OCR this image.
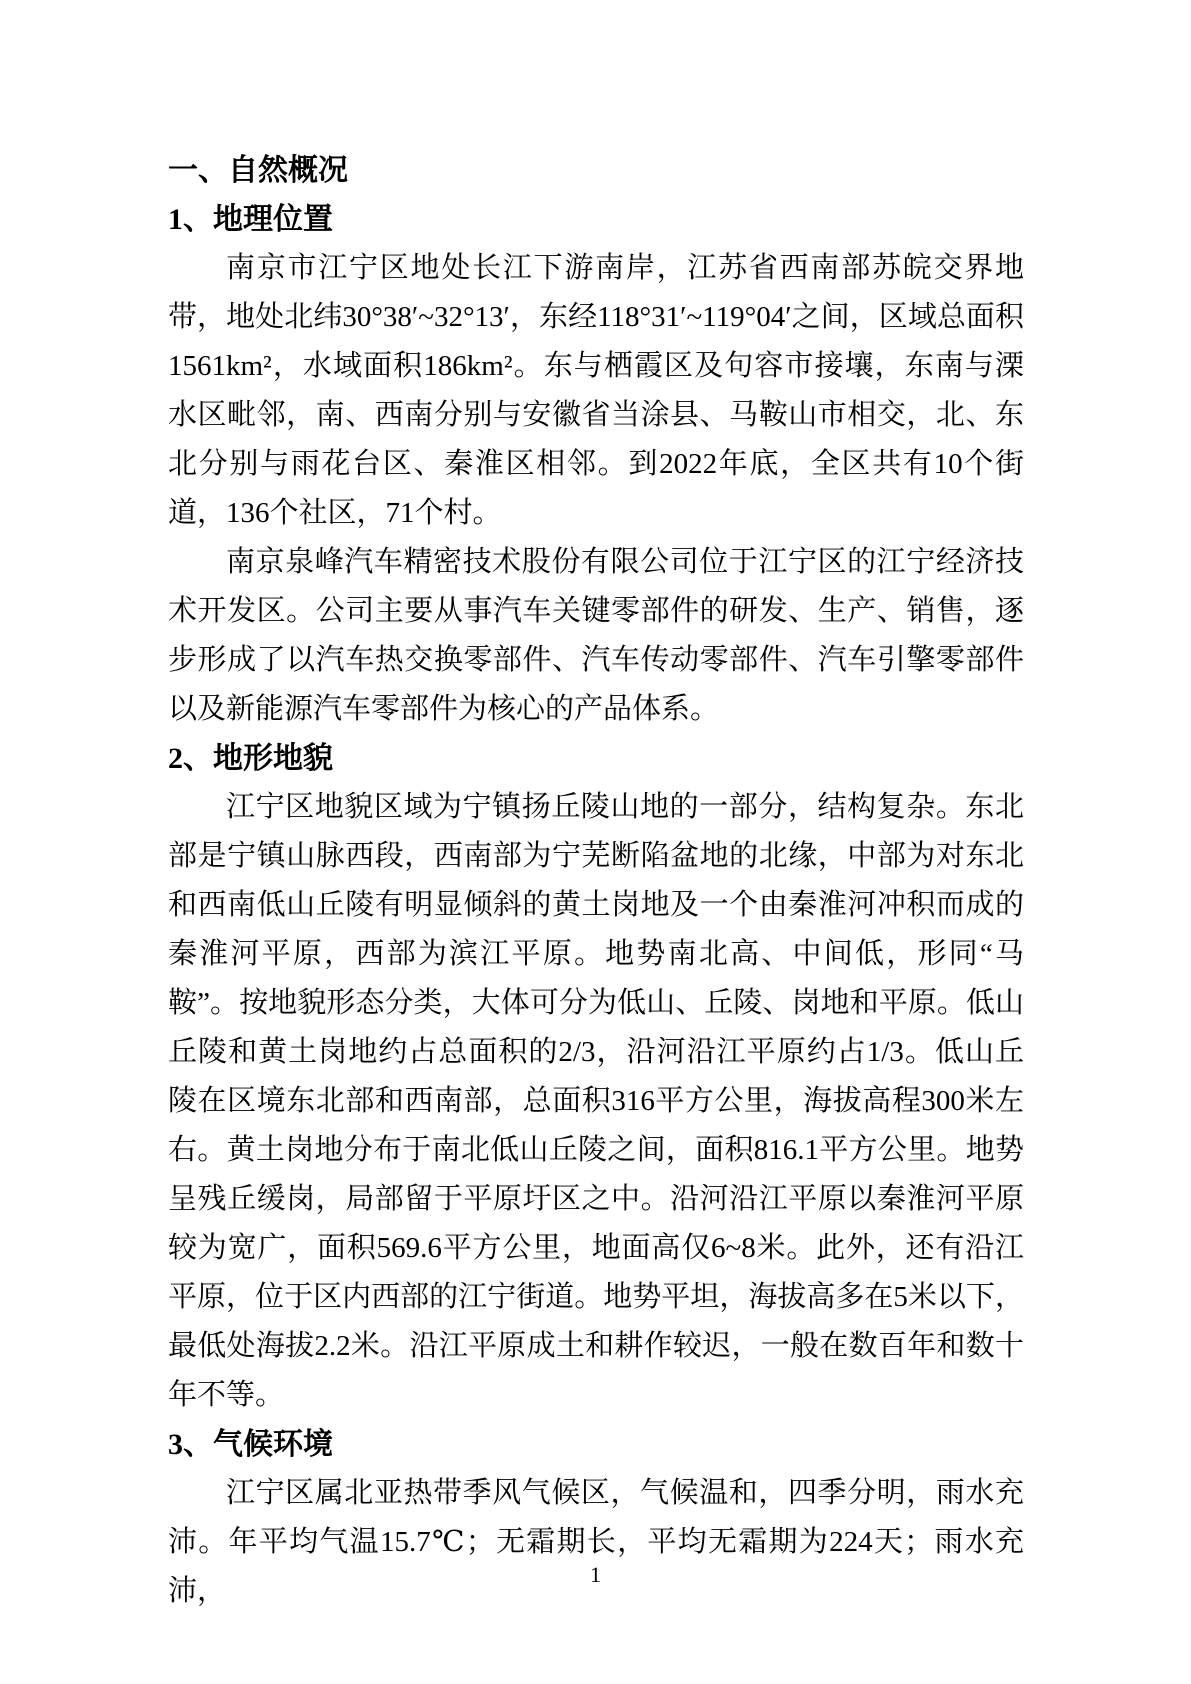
一、自然概况
1、地理位置
南京市江宁区地处长江下游南岸，江苏省西南部苏皖交界地带，地处北纬30°38′~32°13′，东经118°31′~119°04′之间，区域总面积1561km²，水域面积186km²。东与栖霞区及句容市接壤，东南与溧水区毗邻，南、西南分别与安徽省当涂县、马鞍山市相交，北、东北分别与雨花台区、秦淮区相邻。到2022年底，全区共有10个街道，136个社区，71个村。
南京泉峰汽车精密技术股份有限公司位于江宁区的江宁经济技术开发区。公司主要从事汽车关键零部件的研发、生产、销售，逐步形成了以汽车热交换零部件、汽车传动零部件、汽车引擎零部件以及新能源汽车零部件为核心的产品体系。
2、地形地貌
江宁区地貌区域为宁镇扬丘陵山地的一部分，结构复杂。东北部是宁镇山脉西段，西南部为宁芜断陷盆地的北缘，中部为对东北和西南低山丘陵有明显倾斜的黄土岗地及一个由秦淮河冲积而成的秦淮河平原，西部为滨江平原。地势南北高、中间低，形同“马鞍”。按地貌形态分类，大体可分为低山、丘陵、岗地和平原。低山丘陵和黄土岗地约占总面积的2/3，沿河沿江平原约占1/3。低山丘陵在区境东北部和西南部，总面积316平方公里，海拔高程300米左右。黄土岗地分布于南北低山丘陵之间，面积816.1平方公里。地势呈残丘缓岗，局部留于平原圩区之中。沿河沿江平原以秦淮河平原较为宽广，面积569.6平方公里，地面高仅6~8米。此外，还有沿江平原，位于区内西部的江宁街道。地势平坦，海拔高多在5米以下，最低处海拔2.2米。沿江平原成土和耕作较迟，一般在数百年和数十年不等。
3、气候环境
江宁区属北亚热带季风气候区，气候温和，四季分明，雨水充沛。年平均气温15.7℃；无霜期长，平均无霜期为224天；雨水充沛，
1
